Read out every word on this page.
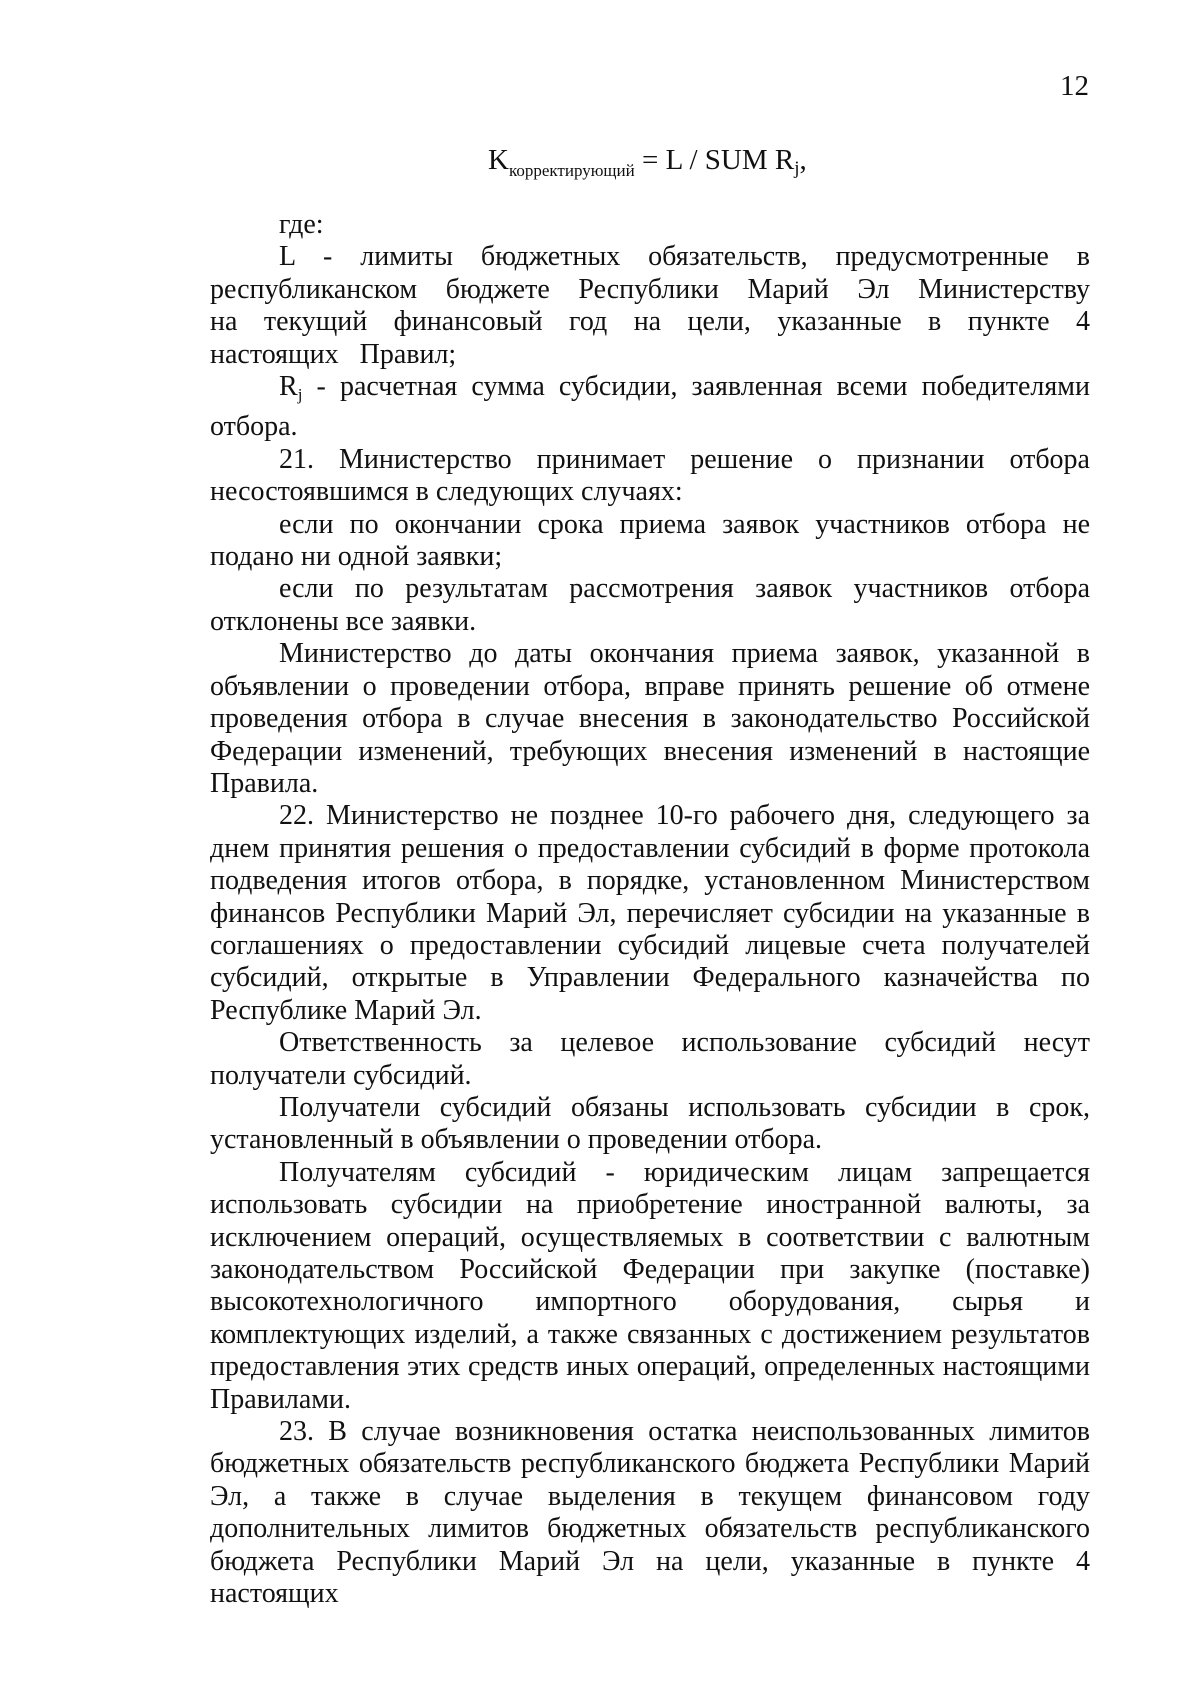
12
$K_{корректирующий} = L$ / SUM $R_j$,

где:

L - лимиты бюджетных обязательств, предусмотренные в республиканском бюджете Республики Марий Эл Министерству на текущий финансовый год на цели, указанные в пункте 4 настоящих Правил;

$R_j$ - расчетная сумма субсидии, заявленная всеми победителями отбора.

21. Министерство принимает решение о признании отбора несостоявшимся в следующих случаях:

если по окончании срока приема заявок участников отбора не подано ни одной заявки;

если по результатам рассмотрения заявок участников отбора отклонены все заявки.

Министерство до даты окончания приема заявок, указанной в объявлении о проведении отбора, вправе принять решение об отмене проведения отбора в случае внесения в законодательство Российской Федерации изменений, требующих внесения изменений в настоящие Правила.

22. Министерство не позднее 10-го рабочего дня, следующего за днем принятия решения о предоставлении субсидий в форме протокола подведения итогов отбора, в порядке, установленном Министерством финансов Республики Марий Эл, перечисляет субсидии на указанные в соглашениях о предоставлении субсидий лицевые счета получателей субсидий, открытые в Управлении Федерального казначейства по Республике Марий Эл.

Ответственность за целевое использование субсидий несут получатели субсидий.

Получатели субсидий обязаны использовать субсидии в срок, установленный в объявлении о проведении отбора.

Получателям субсидий - юридическим лицам запрещается использовать субсидии на приобретение иностранной валюты, за исключением операций, осуществляемых в соответствии с валютным законодательством Российской Федерации при закупке (поставке) высокотехнологичного импортного оборудования, сырья и комплектующих изделий, а также связанных с достижением результатов предоставления этих средств иных операций, определенных настоящими Правилами.

23. В случае возникновения остатка неиспользованных лимитов бюджетных обязательств республиканского бюджета Республики Марий Эл, а также в случае выделения в текущем финансовом году дополнительных лимитов бюджетных обязательств республиканского бюджета Республики Марий Эл на цели, указанные в пункте 4 настоящих
